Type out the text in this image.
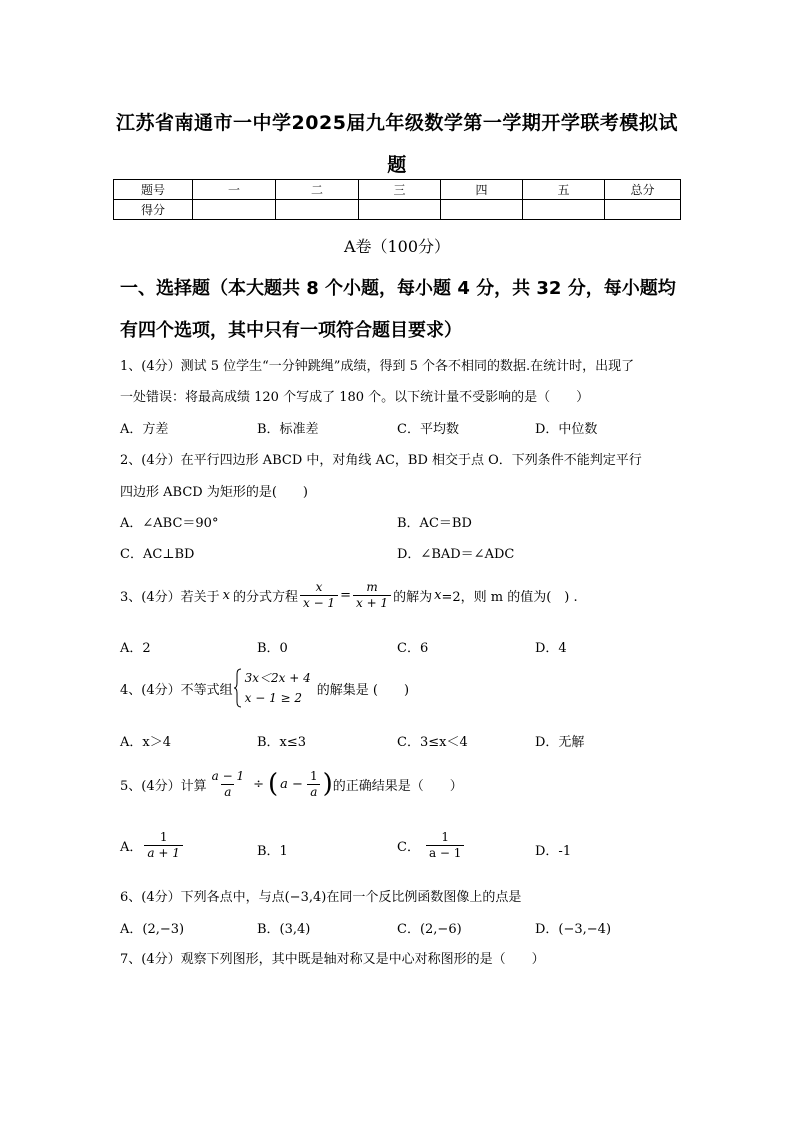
江苏省南通市一中学2025届九年级数学第一学期开学联考模拟试
题
题号	一	二	三	四	五	总分
得分						
A卷（100分）
一、选择题（本大题共 8 个小题，每小题 4 分，共 32 分，每小题均
有四个选项，其中只有一项符合题目要求）
1、(4分）测试 5 位学生“一分钟跳绳”成绩，得到 5 个各不相同的数据.在统计时，出现了
一处错误：将最高成绩 120 个写成了 180 个。以下统计量不受影响的是（　　）
A．方差	B．标准差	C．平均数	D．中位数
2、(4分）在平行四边形 ABCD 中，对角线 AC，BD 相交于点 O．下列条件不能判定平行
四边形 ABCD 为矩形的是(　　)
A．∠ABC＝90°	B．AC＝BD
C．AC⊥BD	D．∠BAD＝∠ADC
3、(4分）若关于 x 的分式方程 $\frac{x}{x - 1} = \frac{m}{x + 1}$ 的解为 x =2，则 m 的值为(　) .
A．2	B．0	C．6	D．4
4、(4分）不等式组
3x＜2x + 4
x − 1 ≥ 2
的解集是 (　　)
A．x＞4	B．x≤3	C．3≤x＜4	D．无解
5、(4分）计算 $\frac{a - 1}{a}$ ÷ ( $a - \frac{1}{a}$ ) 的正确结果是（　　）
A． $\frac{1}{a + 1}$	B．1	C． $\frac{1}{a - 1}$	D．-1
6、(4分）下列各点中，与点(−3,4)在同一个反比例函数图像上的点是
A．(2,−3)	B．(3,4)	C．(2,−6)	D．(−3,−4)
7、(4分）观察下列图形，其中既是轴对称又是中心对称图形的是（　　）
